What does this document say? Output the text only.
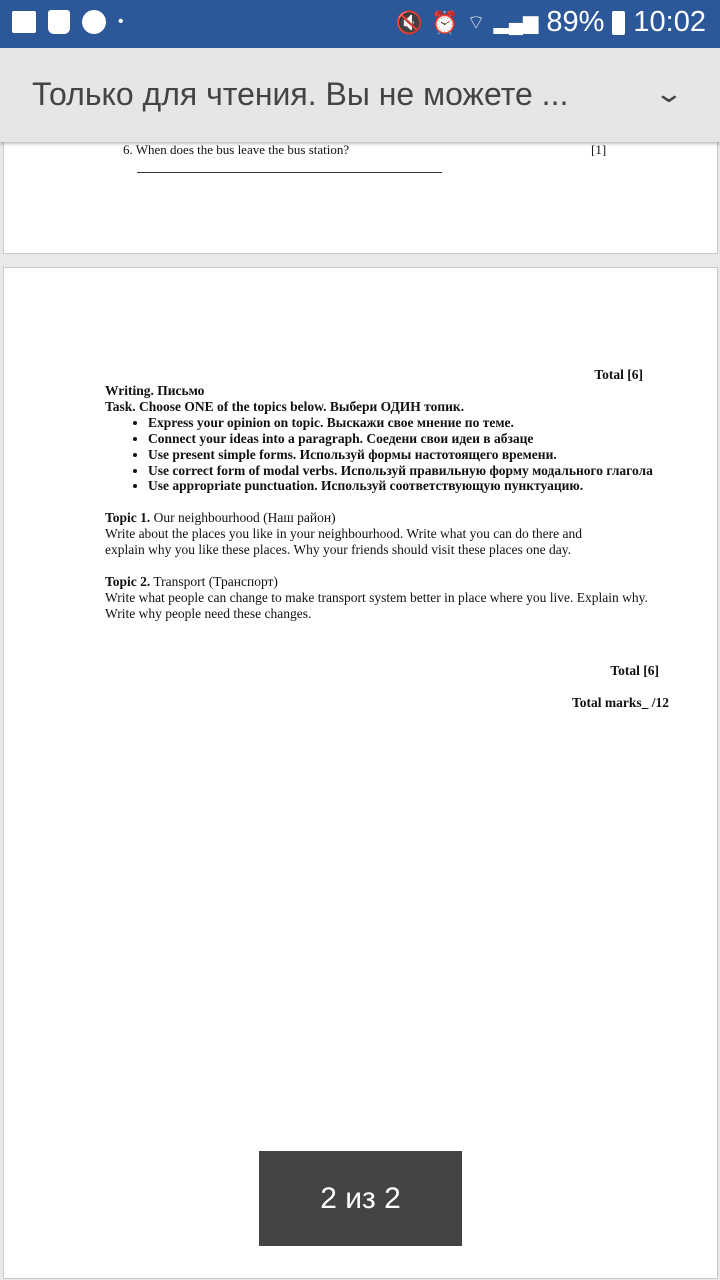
•	🔇 ⏰ ⌔ ▂▄▆ 89% 10:02
Только для чтения. Вы не можете ...	⌄
6. When does the bus leave the bus station?	[1]
Total [6]
Writing. Письмо
Task. Choose ONE of the topics below. Выбери ОДИН топик.
• Express your opinion on topic. Выскажи свое мнение по теме.
• Connect your ideas into a paragraph. Соедени свои идеи в абзаце
• Use present simple forms. Используй формы настотоящего времени.
• Use correct form of modal verbs. Используй правильную форму модального глагола
• Use appropriate punctuation. Используй соответствующую пунктуацию.
Topic 1. Our neighbourhood (Наш район)
Write about the places you like in your neighbourhood. Write what you can do there and explain why you like these places. Why your friends should visit these places one day.
Topic 2. Transport (Транспорт)
Write what people can change to make transport system better in place where you live. Explain why. Write why people need these changes.
Total [6]
Total marks_ /12
2 из 2
